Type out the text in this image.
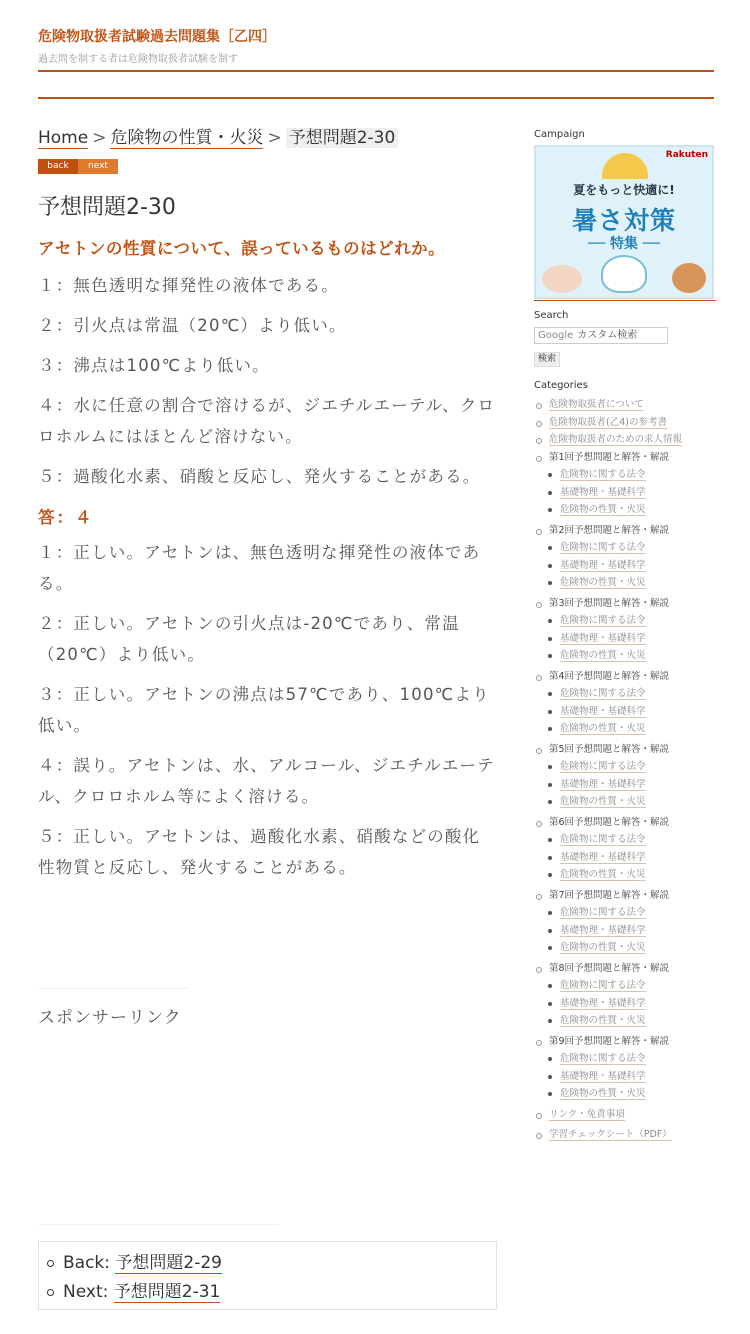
危険物取扱者試験過去問題集［乙四］
過去問を制する者は危険物取扱者試験を制す
Home > 危険物の性質・火災 > 予想問題2-30
back	next
予想問題2-30
アセトンの性質について、誤っているものはどれか。

１：無色透明な揮発性の液体である。

２：引火点は常温（20℃）より低い。

３：沸点は100℃より低い。

４：水に任意の割合で溶けるが、ジエチルエーテル、クロロホルムにはほとんど溶けない。

５：過酸化水素、硝酸と反応し、発火することがある。

答：４

１：正しい。アセトンは、無色透明な揮発性の液体である。

２：正しい。アセトンの引火点は-20℃であり、常温（20℃）より低い。

３：正しい。アセトンの沸点は57℃であり、100℃より低い。

４：誤り。アセトンは、水、アルコール、ジエチルエーテル、クロロホルム等によく溶ける。

５：正しい。アセトンは、過酸化水素、硝酸などの酸化性物質と反応し、発火することがある。

スポンサーリンク
Back: 予想問題2-29
Next: 予想問題2-31
Campaign
Rakuten
夏をもっと快適に!
暑さ対策
── 特集 ──
Search
Google カスタム検索
検索
Categories
危険物取扱者について
危険物取扱者(乙4)の参考書
危険物取扱者のための求人情報
第1回予想問題と解答・解説
危険物に関する法令
基礎物理・基礎科学
危険物の性質・火災
第2回予想問題と解答・解説
危険物に関する法令
基礎物理・基礎科学
危険物の性質・火災
第3回予想問題と解答・解説
危険物に関する法令
基礎物理・基礎科学
危険物の性質・火災
第4回予想問題と解答・解説
危険物に関する法令
基礎物理・基礎科学
危険物の性質・火災
第5回予想問題と解答・解説
危険物に関する法令
基礎物理・基礎科学
危険物の性質・火災
第6回予想問題と解答・解説
危険物に関する法令
基礎物理・基礎科学
危険物の性質・火災
第7回予想問題と解答・解説
危険物に関する法令
基礎物理・基礎科学
危険物の性質・火災
第8回予想問題と解答・解説
危険物に関する法令
基礎物理・基礎科学
危険物の性質・火災
第9回予想問題と解答・解説
危険物に関する法令
基礎物理・基礎科学
危険物の性質・火災
リンク・免責事項
学習チェックシート（PDF）
